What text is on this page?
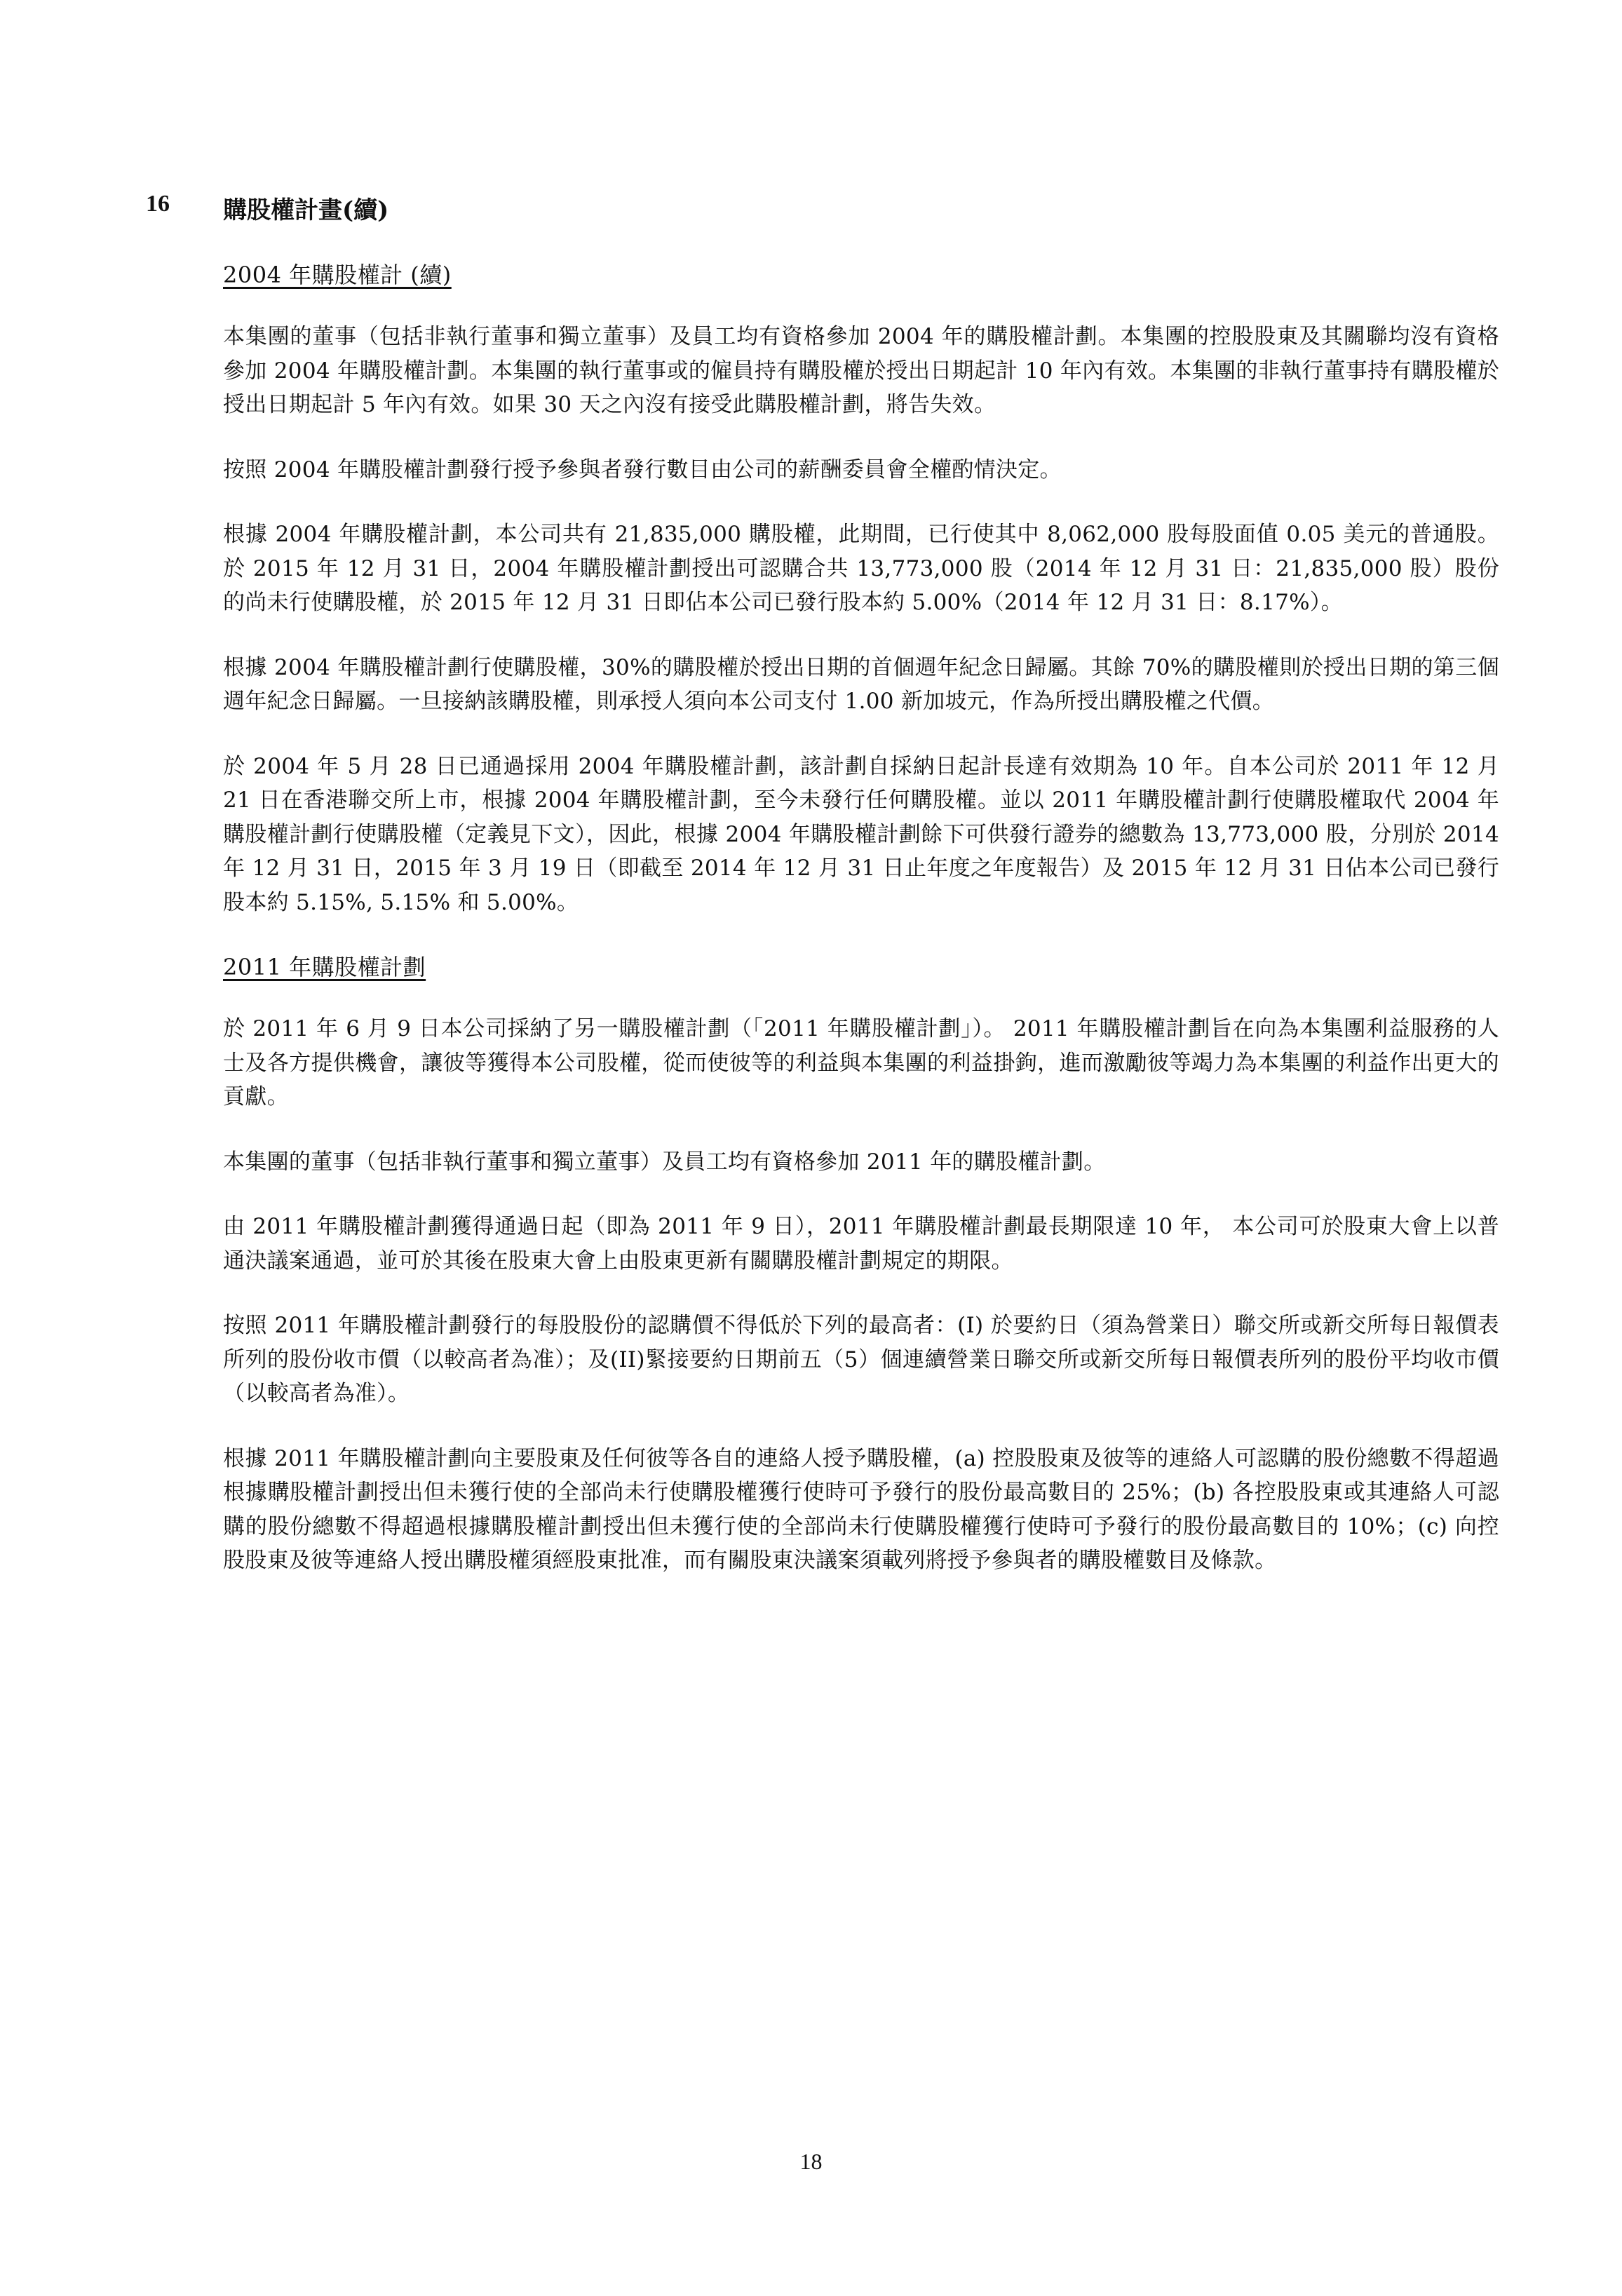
16 購股權計畫(續)
2004 年購股權計 (續)

本集團的董事（包括非執行董事和獨立董事）及員工均有資格參加 2004 年的購股權計劃。本集團的控股股東及其關聯均沒有資格參加 2004 年購股權計劃。本集團的執行董事或的僱員持有購股權於授出日期起計 10 年內有效。本集團的非執行董事持有購股權於授出日期起計 5 年內有效。如果 30 天之內沒有接受此購股權計劃，將告失效。

按照 2004 年購股權計劃發行授予參與者發行數目由公司的薪酬委員會全權酌情決定。

根據 2004 年購股權計劃，本公司共有 21,835,000 購股權，此期間，已行使其中 8,062,000 股每股面值 0.05 美元的普通股。於 2015 年 12 月 31 日，2004 年購股權計劃授出可認購合共 13,773,000 股（2014 年 12 月 31 日：21,835,000 股）股份的尚未行使購股權，於 2015 年 12 月 31 日即佔本公司已發行股本約 5.00%（2014 年 12 月 31 日：8.17%）。

根據 2004 年購股權計劃行使購股權，30%的購股權於授出日期的首個週年紀念日歸屬。其餘 70%的購股權則於授出日期的第三個週年紀念日歸屬。一旦接納該購股權，則承授人須向本公司支付 1.00 新加坡元，作為所授出購股權之代價。

於 2004 年 5 月 28 日已通過採用 2004 年購股權計劃，該計劃自採納日起計長達有效期為 10 年。自本公司於 2011 年 12 月 21 日在香港聯交所上市，根據 2004 年購股權計劃，至今未發行任何購股權。並以 2011 年購股權計劃行使購股權取代 2004 年購股權計劃行使購股權（定義見下文），因此，根據 2004 年購股權計劃餘下可供發行證券的總數為 13,773,000 股，分別於 2014 年 12 月 31 日，2015 年 3 月 19 日（即截至 2014 年 12 月 31 日止年度之年度報告）及 2015 年 12 月 31 日佔本公司已發行股本約 5.15%, 5.15% 和 5.00%。

2011 年購股權計劃

於 2011 年 6 月 9 日本公司採納了另一購股權計劃（「2011 年購股權計劃」）。 2011 年購股權計劃旨在向為本集團利益服務的人士及各方提供機會，讓彼等獲得本公司股權，從而使彼等的利益與本集團的利益掛鉤，進而激勵彼等竭力為本集團的利益作出更大的貢獻。

本集團的董事（包括非執行董事和獨立董事）及員工均有資格參加 2011 年的購股權計劃。

由 2011 年購股權計劃獲得通過日起（即為 2011 年 9 日），2011 年購股權計劃最長期限達 10 年， 本公司可於股東大會上以普通決議案通過，並可於其後在股東大會上由股東更新有關購股權計劃規定的期限。

按照 2011 年購股權計劃發行的每股股份的認購價不得低於下列的最高者：(I) 於要約日（須為營業日）聯交所或新交所每日報價表所列的股份收市價（以較高者為准）；及(II)緊接要約日期前五（5）個連續營業日聯交所或新交所每日報價表所列的股份平均收市價（以較高者為准）。

根據 2011 年購股權計劃向主要股東及任何彼等各自的連絡人授予購股權，(a) 控股股東及彼等的連絡人可認購的股份總數不得超過根據購股權計劃授出但未獲行使的全部尚未行使購股權獲行使時可予發行的股份最高數目的 25%；(b) 各控股股東或其連絡人可認購的股份總數不得超過根據購股權計劃授出但未獲行使的全部尚未行使購股權獲行使時可予發行的股份最高數目的 10%；(c) 向控股股東及彼等連絡人授出購股權須經股東批准，而有關股東決議案須載列將授予參與者的購股權數目及條款。

18
